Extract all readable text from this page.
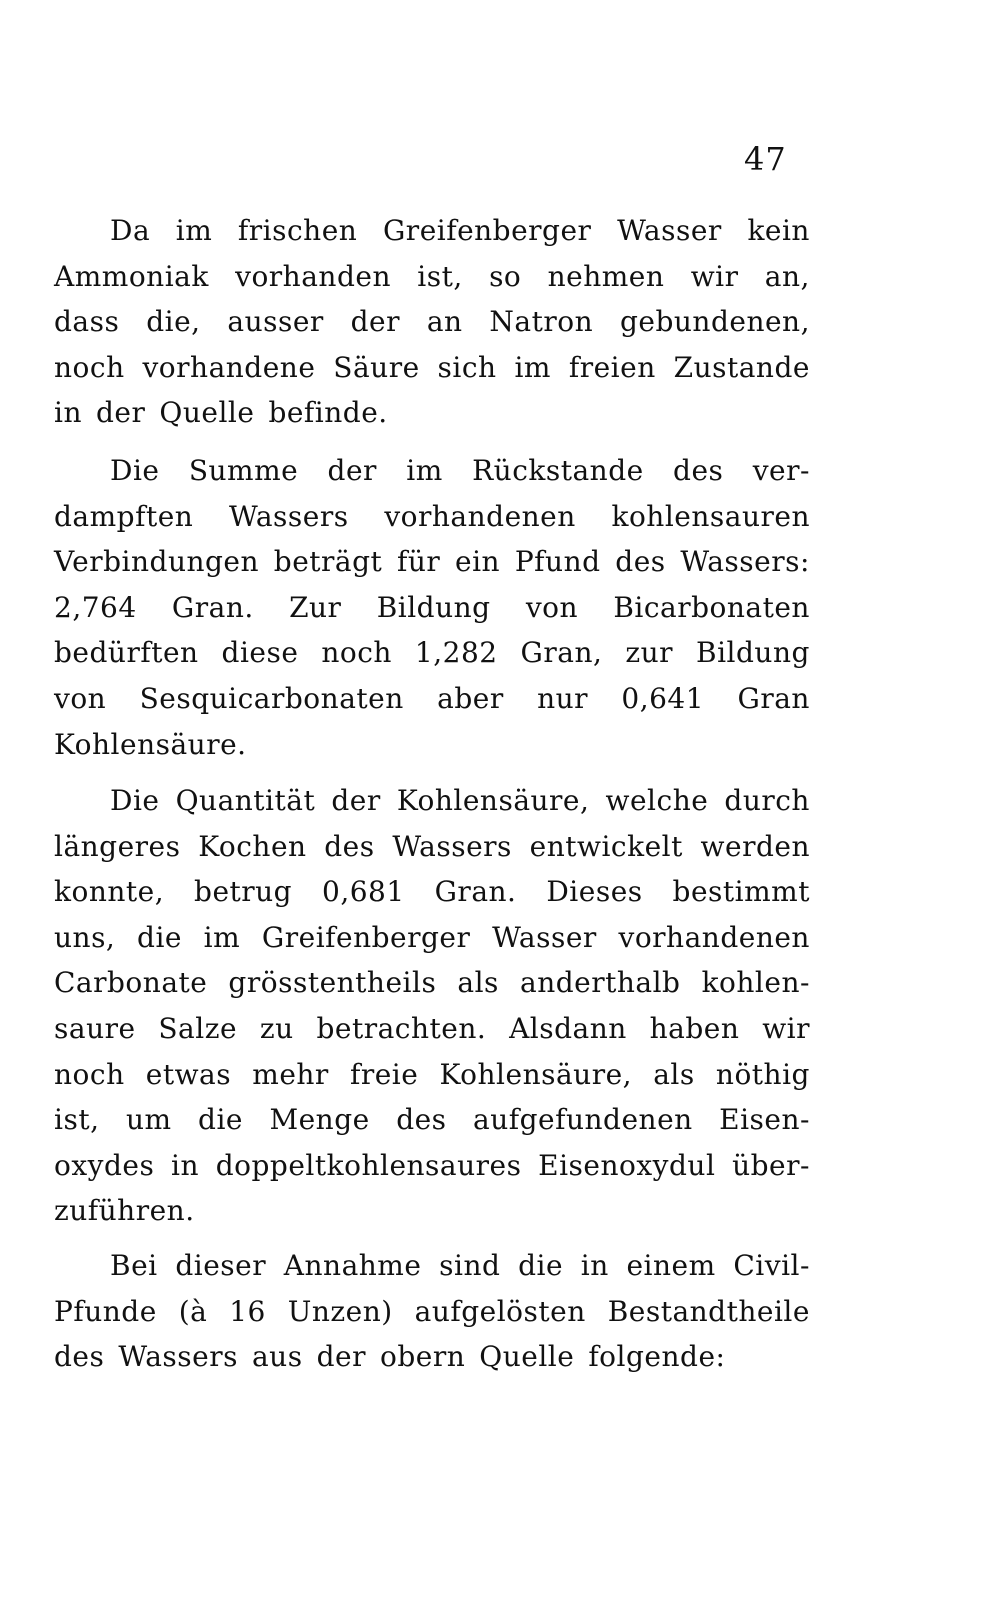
47
Da im frischen Greifenberger Wasser kein
Ammoniak vorhanden ist, so nehmen wir an,
dass die, ausser der an Natron gebundenen,
noch vorhandene Säure sich im freien Zustande
in der Quelle befinde.
Die Summe der im Rückstande des ver-
dampften Wassers vorhandenen kohlensauren
Verbindungen beträgt für ein Pfund des Wassers:
2,764 Gran. Zur Bildung von Bicarbonaten
bedürften diese noch 1,282 Gran, zur Bildung
von Sesquicarbonaten aber nur 0,641 Gran
Kohlensäure.
Die Quantität der Kohlensäure, welche durch
längeres Kochen des Wassers entwickelt werden
konnte, betrug 0,681 Gran. Dieses bestimmt
uns, die im Greifenberger Wasser vorhandenen
Carbonate grösstentheils als anderthalb kohlen-
saure Salze zu betrachten. Alsdann haben wir
noch etwas mehr freie Kohlensäure, als nöthig
ist, um die Menge des aufgefundenen Eisen-
oxydes in doppeltkohlensaures Eisenoxydul über-
zuführen.
Bei dieser Annahme sind die in einem Civil-
Pfunde (à 16 Unzen) aufgelösten Bestandtheile
des Wassers aus der obern Quelle folgende:
